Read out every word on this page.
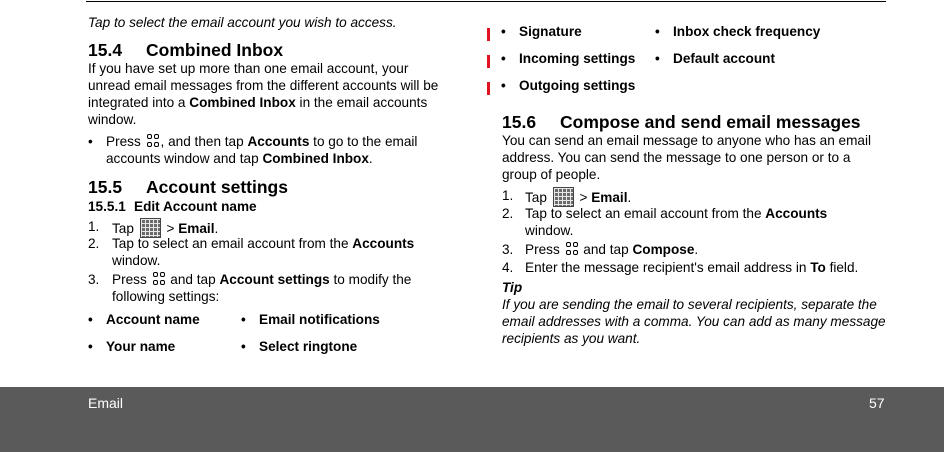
Tap to select the email account you wish to access.
15.4 Combined Inbox
If you have set up more than one email account, your unread email messages from the different accounts will be integrated into a Combined Inbox in the email accounts window.
• Press
, and then tap Accounts to go to the email accounts window and tap Combined Inbox.
15.5 Account settings
15.5.1 Edit Account name
1. Tap  > Email.
2. Tap to select an email account from the Accounts window.
3. Press
and tap Account settings to modify the following settings:
• Account name	• Email notifications
• Your name	• Select ringtone
• Signature	• Inbox check frequency
• Incoming settings • Default account
• Outgoing settings
15.6 Compose and send email messages
You can send an email message to anyone who has an email address. You can send the message to one person or to a group of people.
1. Tap  > Email.
2. Tap to select an email account from the Accounts window.
3. Press
and tap Compose.
4. Enter the message recipient's email address in To field.
Tip
If you are sending the email to several recipients, separate the email addresses with a comma. You can add as many message recipients as you want.
Email	57
